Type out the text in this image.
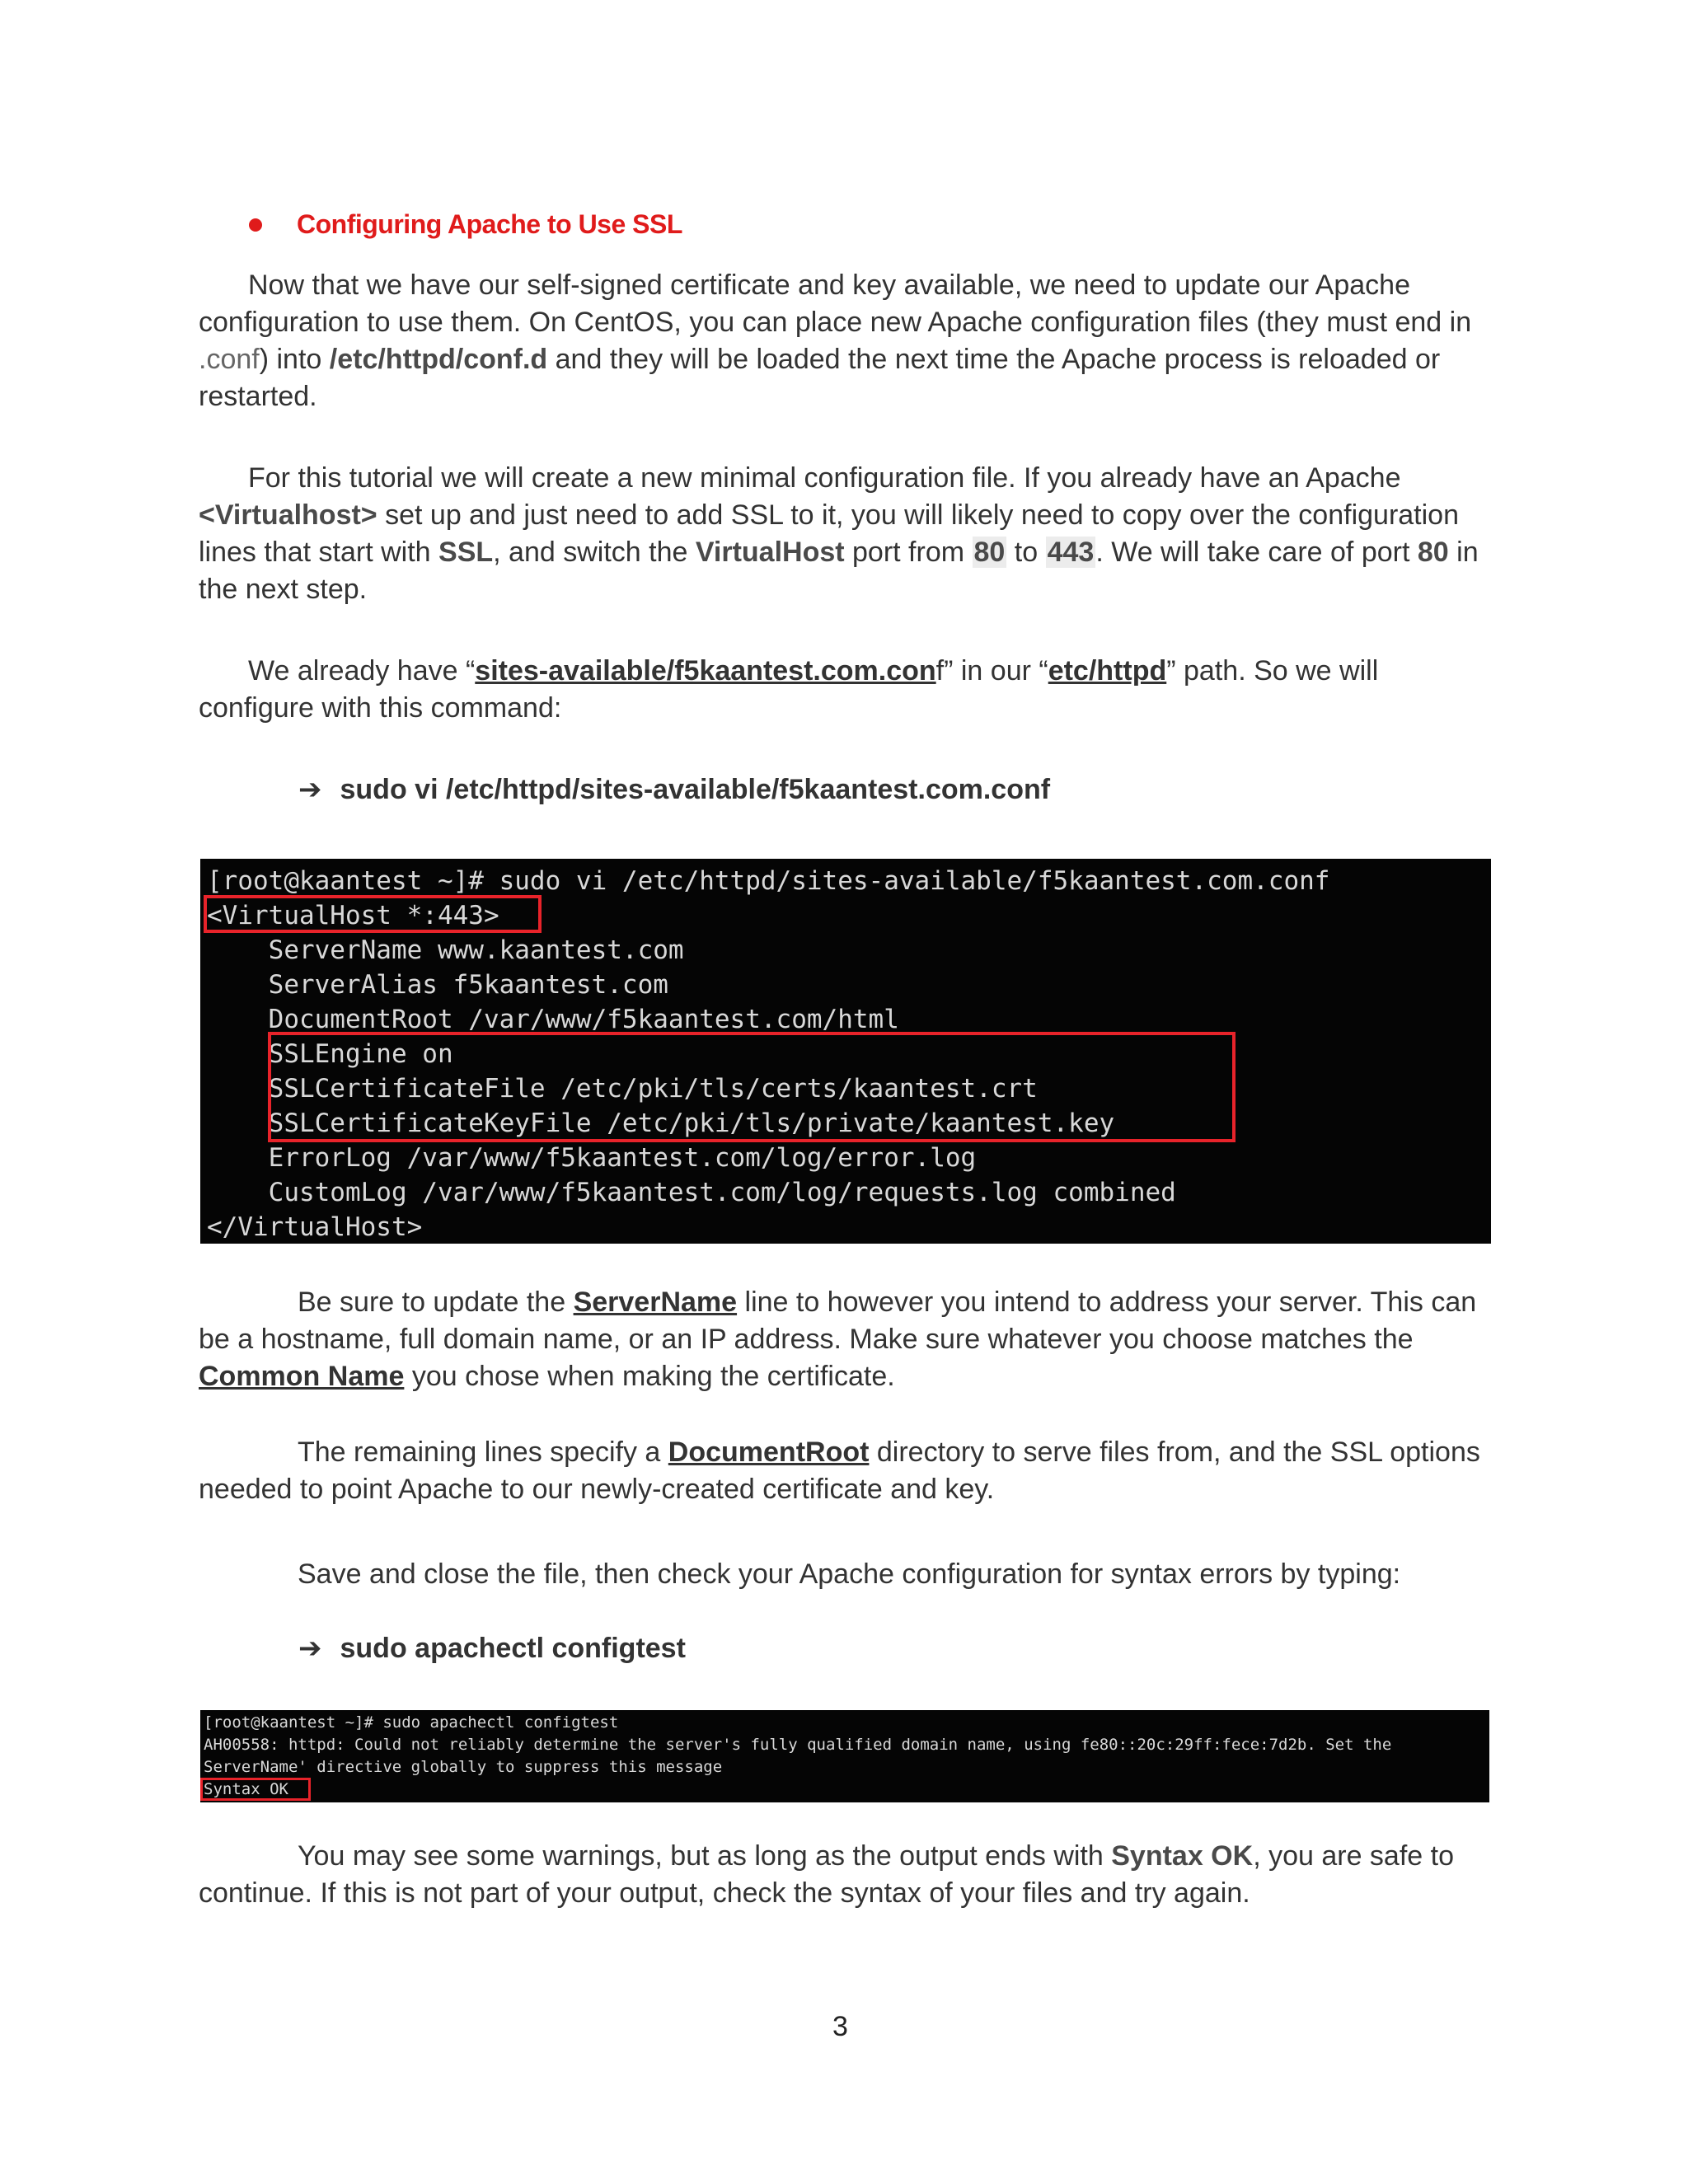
Configuring Apache to Use SSL
Now that we have our self-signed certificate and key available, we need to update our Apache configuration to use them. On CentOS, you can place new Apache configuration files (they must end in .conf) into /etc/httpd/conf.d and they will be loaded the next time the Apache process is reloaded or restarted.
For this tutorial we will create a new minimal configuration file. If you already have an Apache <Virtualhost> set up and just need to add SSL to it, you will likely need to copy over the configuration lines that start with SSL, and switch the VirtualHost port from 80 to 443. We will take care of port 80 in the next step.
We already have “sites-available/f5kaantest.com.conf” in our “etc/httpd” path. So we will configure with this command:
➔ sudo vi /etc/httpd/sites-available/f5kaantest.com.conf

[root@kaantest ~]# sudo vi /etc/httpd/sites-available/f5kaantest.com.conf

<VirtualHost *:443>

ServerName www.kaantest.com

ServerAlias f5kaantest.com

DocumentRoot /var/www/f5kaantest.com/html

SSLEngine on

SSLCertificateFile /etc/pki/tls/certs/kaantest.crt

SSLCertificateKeyFile /etc/pki/tls/private/kaantest.key

ErrorLog /var/www/f5kaantest.com/log/error.log

CustomLog /var/www/f5kaantest.com/log/requests.log combined

</VirtualHost>

Be sure to update the ServerName line to however you intend to address your server. This can be a hostname, full domain name, or an IP address. Make sure whatever you choose matches the Common Name you chose when making the certificate.
The remaining lines specify a DocumentRoot directory to serve files from, and the SSL options needed to point Apache to our newly-created certificate and key.
Save and close the file, then check your Apache configuration for syntax errors by typing:
➔ sudo apachectl configtest

[root@kaantest ~]# sudo apachectl configtest

AH00558: httpd: Could not reliably determine the server's fully qualified domain name, using fe80::20c:29ff:fece:7d2b. Set the

ServerName' directive globally to suppress this message

Syntax OK

You may see some warnings, but as long as the output ends with Syntax OK, you are safe to continue. If this is not part of your output, check the syntax of your files and try again.
3
